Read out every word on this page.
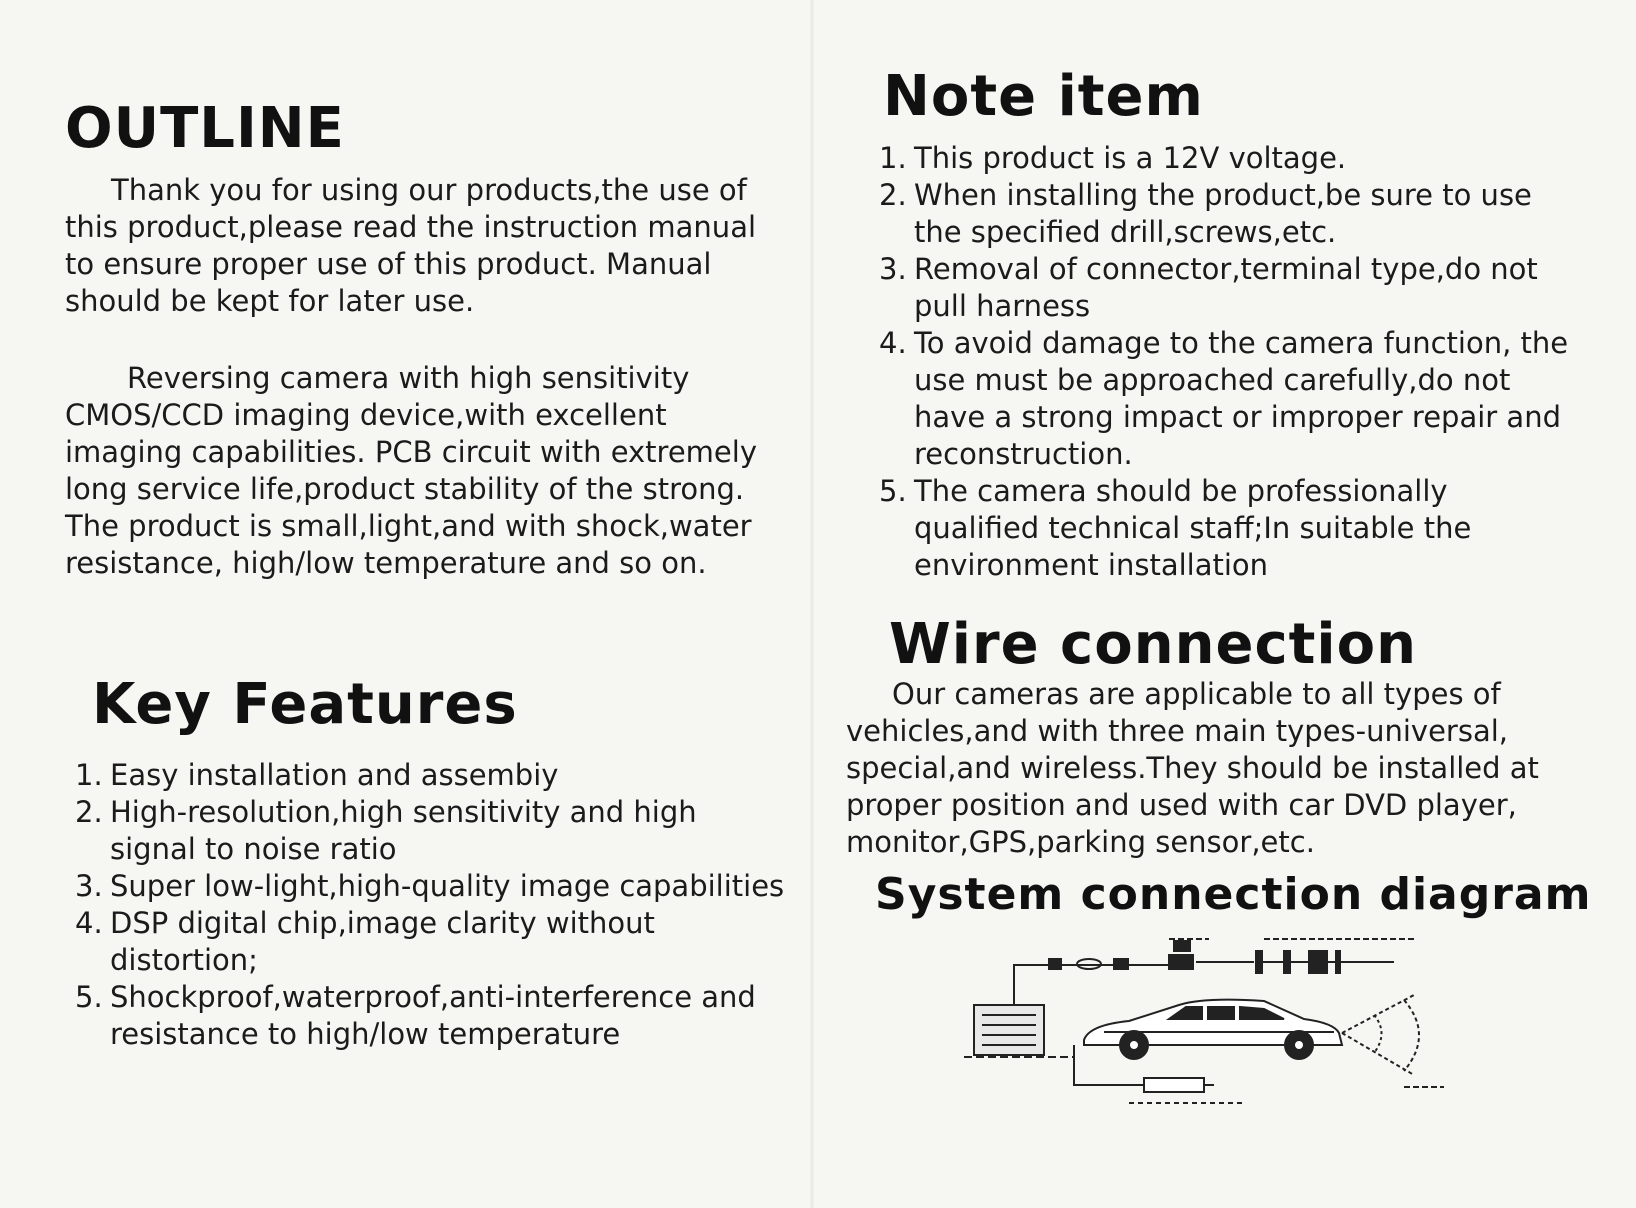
OUTLINE

Thank you for using our products,the use of this product,please read the instruction manual to ensure proper use of this product. Manual should be kept for later use.

Reversing camera with high sensitivity CMOS/CCD imaging device,with excellent imaging capabilities. PCB circuit with extremely long service life,product stability of the strong. The product is small,light,and with shock,water resistance, high/low temperature and so on.

Key Features
1. Easy installation and assembiy
2. High-resolution,high sensitivity and high signal to noise ratio
3. Super low-light,high-quality image capabilities
4. DSP digital chip,image clarity without distortion;
5. Shockproof,waterproof,anti-interference and resistance to high/low temperature
Note item
1. This product is a 12V voltage.
2. When installing the product,be sure to use the specified drill,screws,etc.
3. Removal of connector,terminal type,do not pull harness
4. To avoid damage to the camera function, the use must be approached carefully,do not have a strong impact or improper repair and reconstruction.
5. The camera should be professionally qualified technical staff;In suitable the environment installation
Wire connection

Our cameras are applicable to all types of vehicles,and with three main types-universal, special,and wireless.They should be installed at proper position and used with car DVD player, monitor,GPS,parking sensor,etc.

System connection diagram
